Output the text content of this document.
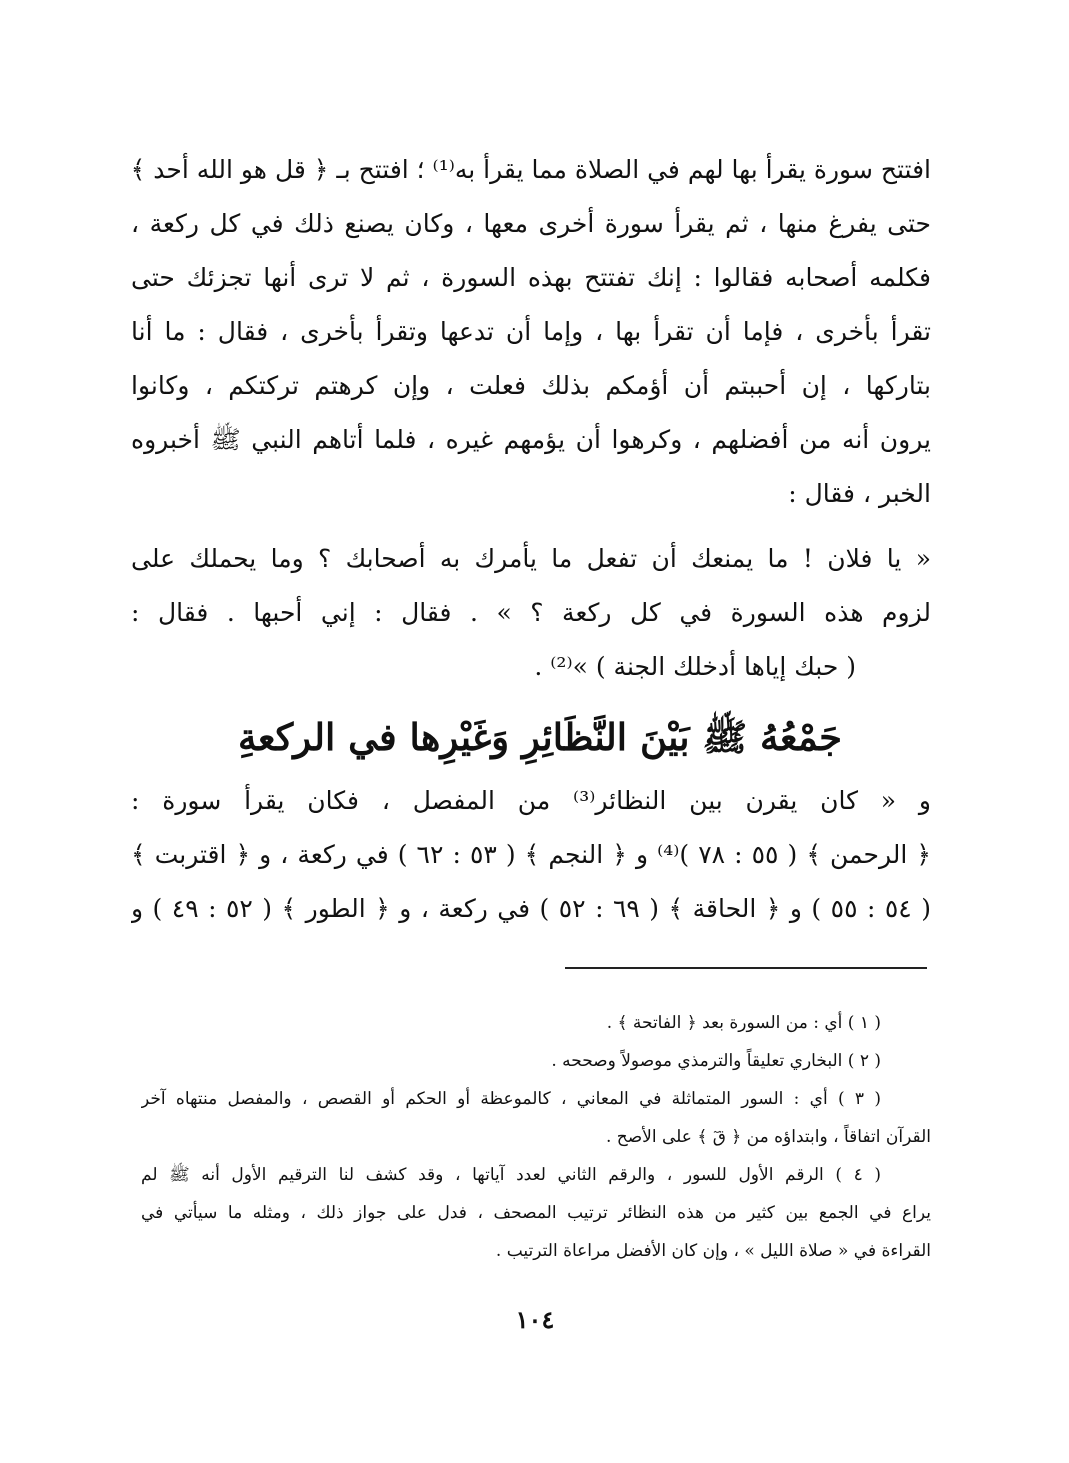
افتتح سورة يقرأ بها لهم في الصلاة مما يقرأ به⁽¹⁾ ؛ افتتح بـ ﴿ قل هو الله أحد ﴾
حتى يفرغ منها ، ثم يقرأ سورة أخرى معها ، وكان يصنع ذلك في كل ركعة ،
فكلمه أصحابه فقالوا : إنك تفتتح بهذه السورة ، ثم لا ترى أنها تجزئك حتى
تقرأ بأخرى ، فإما أن تقرأ بها ، وإما أن تدعها وتقرأ بأخرى ، فقال : ما أنا
بتاركها ، إن أحببتم أن أؤمكم بذلك فعلت ، وإن كرهتم تركتكم ، وكانوا
يرون أنه من أفضلهم ، وكرهوا أن يؤمهم غيره ، فلما أتاهم النبي ﷺ أخبروه
الخبر ، فقال :
« يا فلان ! ما يمنعك أن تفعل ما يأمرك به أصحابك ؟ وما يحملك على
لزوم هذه السورة في كل ركعة ؟ » . فقال : إني أحبها . فقال :
( حبك إياها أدخلك الجنة ) »⁽²⁾ .
جَمْعُهُ ﷺ بَيْنَ النَّظَائِرِ وَغَيْرِها في الركعةِ
و « كان يقرن بين النظائر⁽³⁾ من المفصل ، فكان يقرأ سورة :
﴿ الرحمن ﴾ ( ٥٥ : ٧٨ )⁽⁴⁾ و ﴿ النجم ﴾ ( ٥٣ : ٦٢ ) في ركعة ، و ﴿ اقتربت ﴾
( ٥٤ : ٥٥ ) و ﴿ الحاقة ﴾ ( ٦٩ : ٥٢ ) في ركعة ، و ﴿ الطور ﴾ ( ٥٢ : ٤٩ ) و
( ١ ) أي : من السورة بعد ﴿ الفاتحة ﴾ .
( ٢ ) البخاري تعليقاً والترمذي موصولاً وصححه .
( ٣ ) أي : السور المتماثلة في المعاني ، كالموعظة أو الحكم أو القصص ، والمفصل منتهاه آخر
القرآن اتفاقاً ، وابتداؤه من ﴿ قٓ ﴾ على الأصح .
( ٤ ) الرقم الأول للسور ، والرقم الثاني لعدد آياتها ، وقد كشف لنا الترقيم الأول أنه ﷺ لم
يراع في الجمع بين كثير من هذه النظائر ترتيب المصحف ، فدل على جواز ذلك ، ومثله ما سيأتي في
القراءة في « صلاة الليل » ، وإن كان الأفضل مراعاة الترتيب .
١٠٤
